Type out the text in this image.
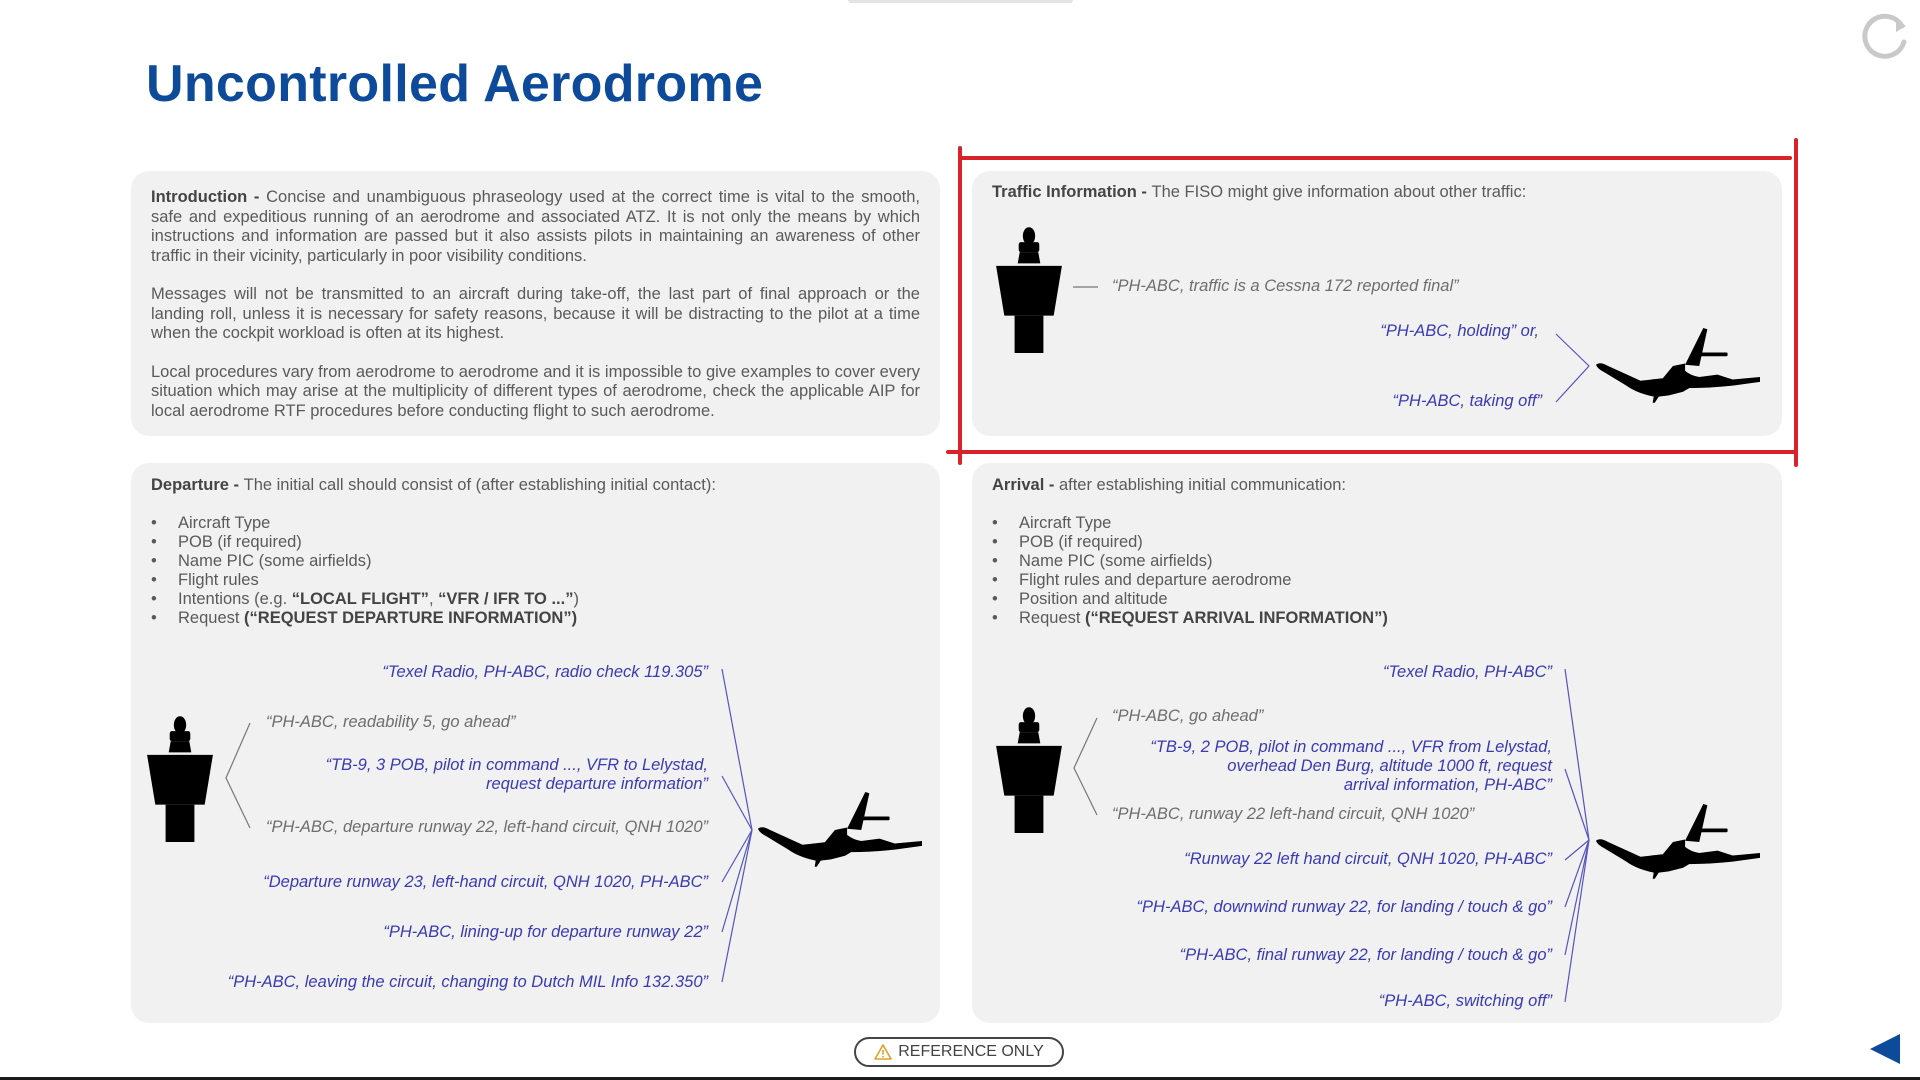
Uncontrolled Aerodrome

Introduction - Concise and unambiguous phraseology used at the correct time is vital to the smooth, safe and expeditious running of an aerodrome and associated ATZ. It is not only the means by which instructions and information are passed but it also assists pilots in maintaining an awareness of other traffic in their vicinity, particularly in poor visibility conditions.

Messages will not be transmitted to an aircraft during take-off, the last part of final approach or the landing roll, unless it is necessary for safety reasons, because it will be distracting to the pilot at a time when the cockpit workload is often at its highest.

Local procedures vary from aerodrome to aerodrome and it is impossible to give examples to cover every situation which may arise at the multiplicity of different types of aerodrome, check the applicable AIP for local aerodrome RTF procedures before conducting flight to such aerodrome.

Traffic Information - The FISO might give information about other traffic:
“PH-ABC, traffic is a Cessna 172 reported final”
“PH-ABC, holding” or,
“PH-ABC, taking off”
Departure - The initial call should consist of (after establishing initial contact):
• Aircraft Type
• POB (if required)
• Name PIC (some airfields)
• Flight rules
• Intentions (e.g. “LOCAL FLIGHT”, “VFR / IFR TO ...”)
• Request (“REQUEST DEPARTURE INFORMATION”)
“Texel Radio, PH-ABC, radio check 119.305”
“PH-ABC, readability 5, go ahead”
“TB-9, 3 POB, pilot in command ..., VFR to Lelystad,
request departure information”
“PH-ABC, departure runway 22, left-hand circuit, QNH 1020”
“Departure runway 23, left-hand circuit, QNH 1020, PH-ABC”
“PH-ABC, lining-up for departure runway 22”
“PH-ABC, leaving the circuit, changing to Dutch MIL Info 132.350”
Arrival - after establishing initial communication:
• Aircraft Type
• POB (if required)
• Name PIC (some airfields)
• Flight rules and departure aerodrome
• Position and altitude
• Request (“REQUEST ARRIVAL INFORMATION”)
“Texel Radio, PH-ABC”
“PH-ABC, go ahead”
“TB-9, 2 POB, pilot in command ..., VFR from Lelystad,
overhead Den Burg, altitude 1000 ft, request
arrival information, PH-ABC”
“PH-ABC, runway 22 left-hand circuit, QNH 1020”
“Runway 22 left hand circuit, QNH 1020, PH-ABC”
“PH-ABC, downwind runway 22, for landing / touch & go”
“PH-ABC, final runway 22, for landing / touch & go”
“PH-ABC, switching off”
REFERENCE ONLY
